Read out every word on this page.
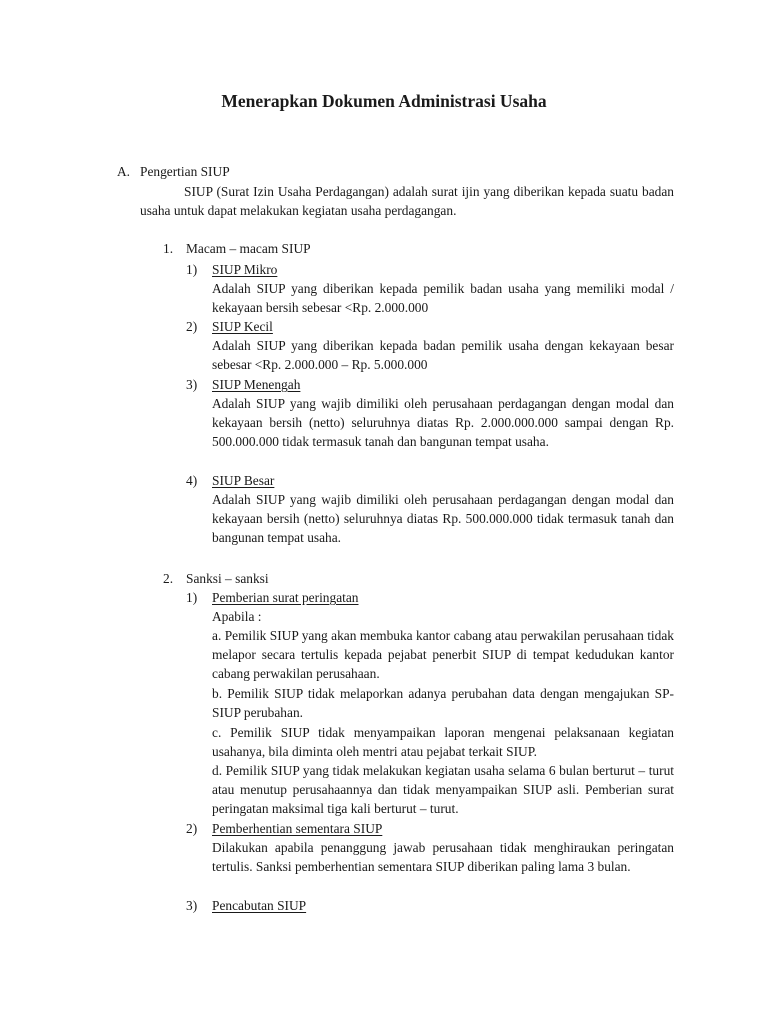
Menerapkan Dokumen Administrasi Usaha
A. Pengertian SIUP

SIUP (Surat Izin Usaha Perdagangan) adalah surat ijin yang diberikan kepada suatu badan usaha untuk dapat melakukan kegiatan usaha perdagangan.

1. Macam – macam SIUP
1) SIUP Mikro

Adalah SIUP yang diberikan kepada pemilik badan usaha yang memiliki modal / kekayaan bersih sebesar <Rp. 2.000.000

2) SIUP Kecil

Adalah SIUP yang diberikan kepada badan pemilik usaha dengan kekayaan besar sebesar <Rp. 2.000.000 – Rp. 5.000.000

3) SIUP Menengah

Adalah SIUP yang wajib dimiliki oleh perusahaan perdagangan dengan modal dan kekayaan bersih (netto) seluruhnya diatas Rp. 2.000.000.000 sampai dengan Rp. 500.000.000 tidak termasuk tanah dan bangunan tempat usaha.

4) SIUP Besar

Adalah SIUP yang wajib dimiliki oleh perusahaan perdagangan dengan modal dan kekayaan bersih (netto) seluruhnya diatas Rp. 500.000.000 tidak termasuk tanah dan bangunan tempat usaha.

2. Sanksi – sanksi
1) Pemberian surat peringatan
Apabila :

a. Pemilik SIUP yang akan membuka kantor cabang atau perwakilan perusahaan tidak melapor secara tertulis kepada pejabat penerbit SIUP di tempat kedudukan kantor cabang perwakilan perusahaan.

b. Pemilik SIUP tidak melaporkan adanya perubahan data dengan mengajukan SP-SIUP perubahan.

c. Pemilik SIUP tidak menyampaikan laporan mengenai pelaksanaan kegiatan usahanya, bila diminta oleh mentri atau pejabat terkait SIUP.

d. Pemilik SIUP yang tidak melakukan kegiatan usaha selama 6 bulan berturut – turut atau menutup perusahaannya dan tidak menyampaikan SIUP asli. Pemberian surat peringatan maksimal tiga kali berturut – turut.

2) Pemberhentian sementara SIUP

Dilakukan apabila penanggung jawab perusahaan tidak menghiraukan peringatan tertulis. Sanksi pemberhentian sementara SIUP diberikan paling lama 3 bulan.

3) Pencabutan SIUP
